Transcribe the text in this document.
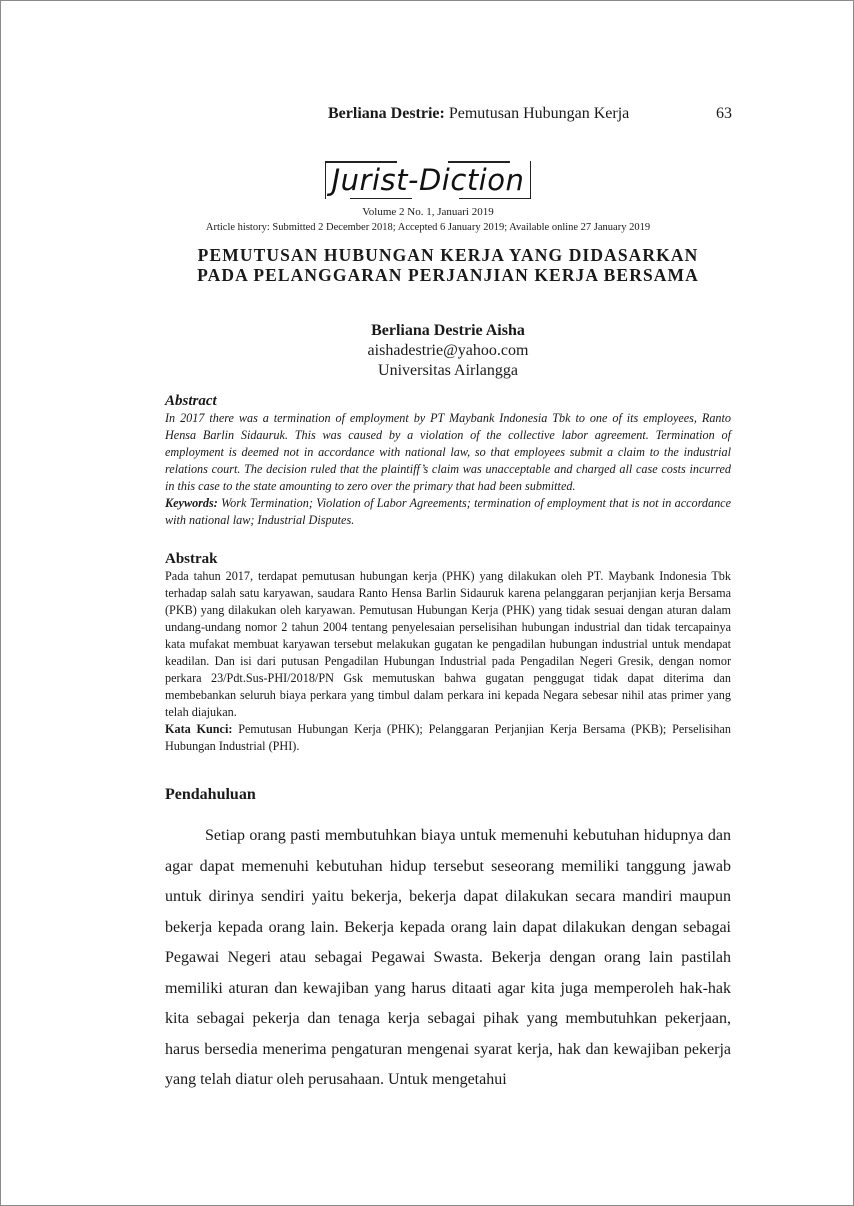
Berliana Destrie: Pemutusan Hubungan Kerja	63
Jurist-Diction
Volume 2 No. 1, Januari 2019
Article history: Submitted 2 December 2018; Accepted 6 January 2019; Available online 27 January 2019
PEMUTUSAN HUBUNGAN KERJA YANG DIDASARKAN
PADA PELANGGARAN PERJANJIAN KERJA BERSAMA
Berliana Destrie Aisha
aishadestrie@yahoo.com
Universitas Airlangga

Abstract

In 2017 there was a termination of employment by PT Maybank Indonesia Tbk to one of its employees, Ranto Hensa Barlin Sidauruk. This was caused by a violation of the collective labor agreement. Termination of employment is deemed not in accordance with national law, so that employees submit a claim to the industrial relations court. The decision ruled that the plaintiff’s claim was unacceptable and charged all case costs incurred in this case to the state amounting to zero over the primary that had been submitted.

Keywords: Work Termination; Violation of Labor Agreements; termination of employment that is not in accordance with national law; Industrial Disputes.

Abstrak

Pada tahun 2017, terdapat pemutusan hubungan kerja (PHK) yang dilakukan oleh PT. Maybank Indonesia Tbk terhadap salah satu karyawan, saudara Ranto Hensa Barlin Sidauruk karena pelanggaran perjanjian kerja Bersama (PKB) yang dilakukan oleh karyawan. Pemutusan Hubungan Kerja (PHK) yang tidak sesuai dengan aturan dalam undang-undang nomor 2 tahun 2004 tentang penyelesaian perselisihan hubungan industrial dan tidak tercapainya kata mufakat membuat karyawan tersebut melakukan gugatan ke pengadilan hubungan industrial untuk mendapat keadilan. Dan isi dari putusan Pengadilan Hubungan Industrial pada Pengadilan Negeri Gresik, dengan nomor perkara 23/Pdt.Sus-PHI/2018/PN Gsk memutuskan bahwa gugatan penggugat tidak dapat diterima dan membebankan seluruh biaya perkara yang timbul dalam perkara ini kepada Negara sebesar nihil atas primer yang telah diajukan.

Kata Kunci: Pemutusan Hubungan Kerja (PHK); Pelanggaran Perjanjian Kerja Bersama (PKB); Perselisihan Hubungan Industrial (PHI).

Pendahuluan

Setiap orang pasti membutuhkan biaya untuk memenuhi kebutuhan hidupnya dan agar dapat memenuhi kebutuhan hidup tersebut seseorang memiliki tanggung jawab untuk dirinya sendiri yaitu bekerja, bekerja dapat dilakukan secara mandiri maupun bekerja kepada orang lain. Bekerja kepada orang lain dapat dilakukan dengan sebagai Pegawai Negeri atau sebagai Pegawai Swasta. Bekerja dengan orang lain pastilah memiliki aturan dan kewajiban yang harus ditaati agar kita juga memperoleh hak-hak kita sebagai pekerja dan tenaga kerja sebagai pihak yang membutuhkan pekerjaan, harus bersedia menerima pengaturan mengenai syarat kerja, hak dan kewajiban pekerja yang telah diatur oleh perusahaan. Untuk mengetahui
